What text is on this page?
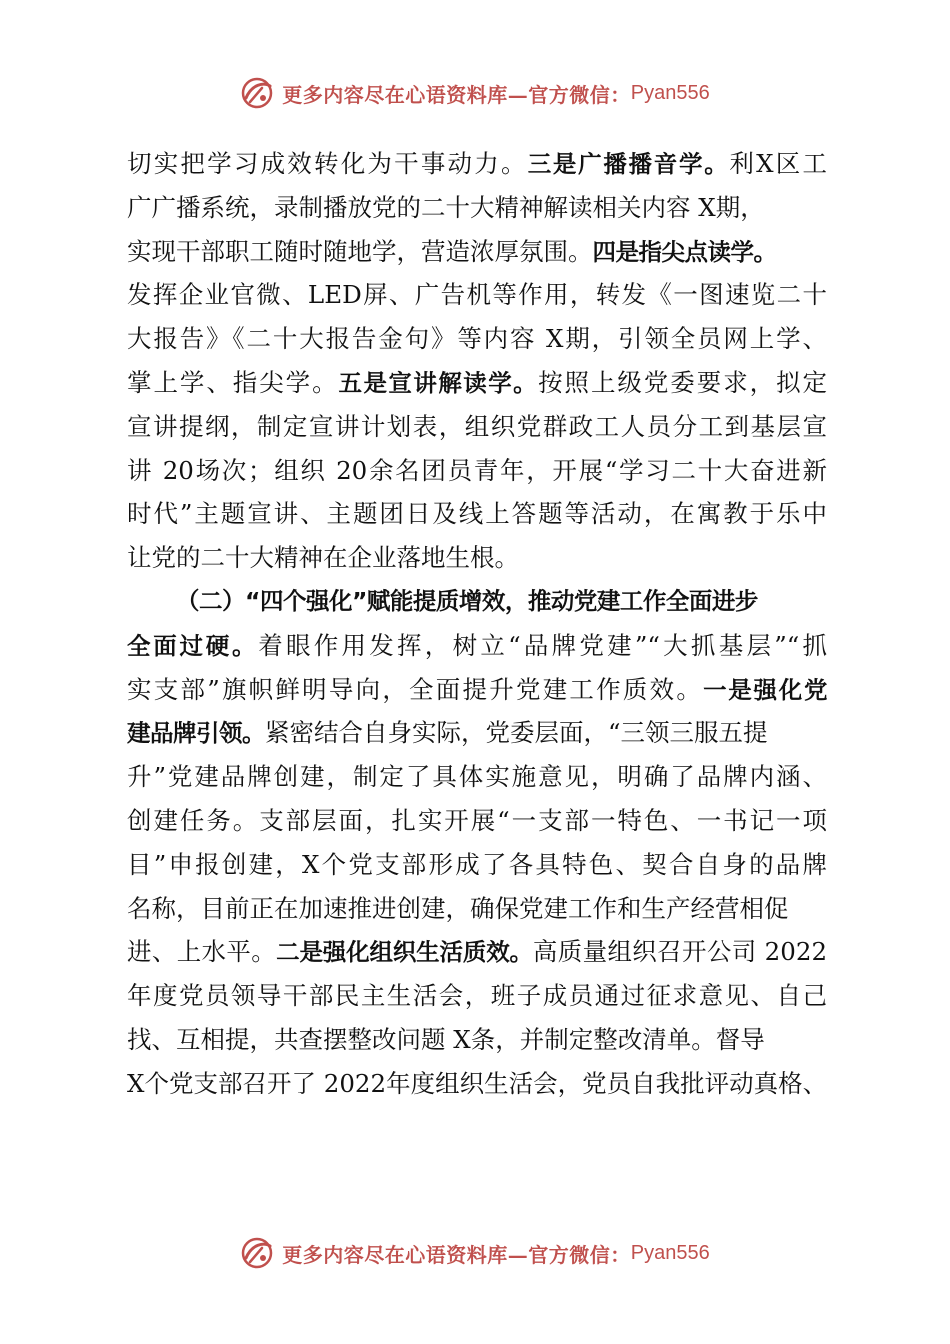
更多内容尽在心语资料库—官方微信： Pyan556
切实把学习成效转化为干事动力。三是广播播音学。利X区工
广广播系统，录制播放党的二十大精神解读相关内容 X期，
实现干部职工随时随地学，营造浓厚氛围。四是指尖点读学。
发挥企业官微、LED屏、广告机等作用，转发《一图速览二十
大报告》《二十大报告金句》等内容 X期，引领全员网上学、
掌上学、指尖学。五是宣讲解读学。按照上级党委要求，拟定
宣讲提纲，制定宣讲计划表，组织党群政工人员分工到基层宣
讲 20场次；组织 20余名团员青年，开展“学习二十大奋进新
时代”主题宣讲、主题团日及线上答题等活动，在寓教于乐中
让党的二十大精神在企业落地生根。
（二）“四个强化”赋能提质增效，推动党建工作全面进步
全面过硬。着眼作用发挥，树立“品牌党建”“大抓基层”“抓
实支部”旗帜鲜明导向，全面提升党建工作质效。一是强化党
建品牌引领。紧密结合自身实际，党委层面，“三领三服五提
升”党建品牌创建，制定了具体实施意见，明确了品牌内涵、
创建任务。支部层面，扎实开展“一支部一特色、一书记一项
目”申报创建，X个党支部形成了各具特色、契合自身的品牌
名称，目前正在加速推进创建，确保党建工作和生产经营相促
进、上水平。二是强化组织生活质效。高质量组织召开公司 2022
年度党员领导干部民主生活会，班子成员通过征求意见、自己
找、互相提，共查摆整改问题 X条，并制定整改清单。督导
X个党支部召开了 2022年度组织生活会，党员自我批评动真格、
更多内容尽在心语资料库—官方微信： Pyan556
